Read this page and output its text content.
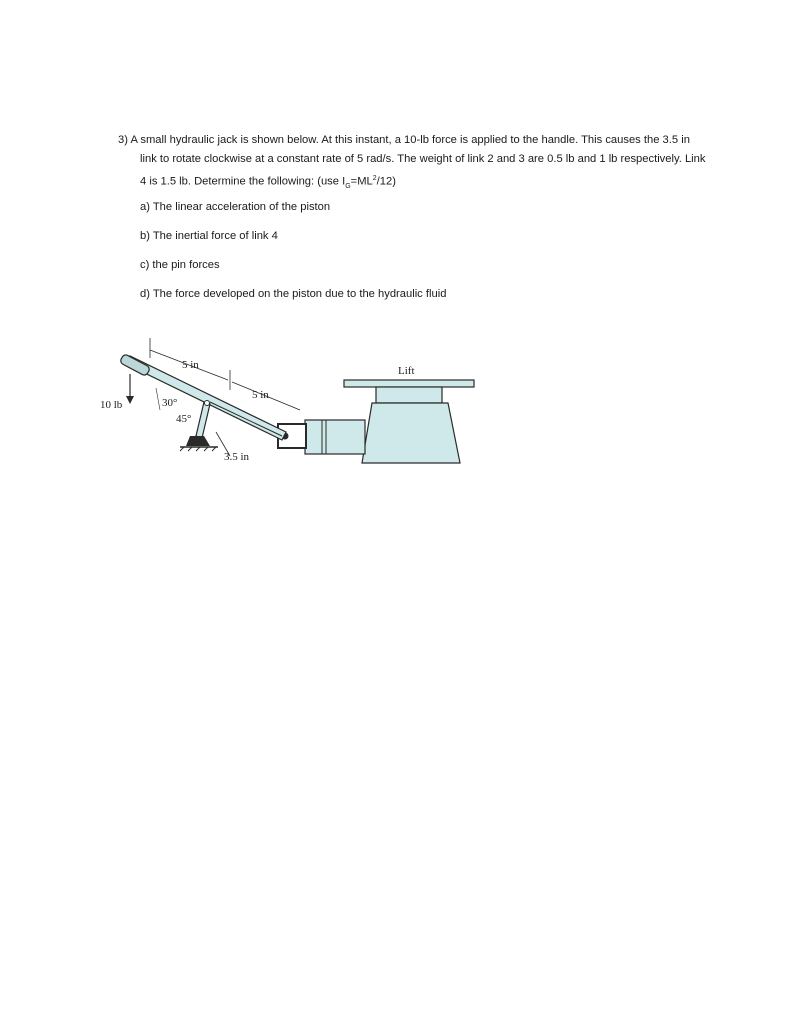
3) A small hydraulic jack is shown below. At this instant, a 10-lb force is applied to the handle. This causes the 3.5 in link to rotate clockwise at a constant rate of 5 rad/s. The weight of link 2 and 3 are 0.5 lb and 1 lb respectively. Link 4 is 1.5 lb. Determine the following: (use $I_G=ML^2/12$)

a) The linear acceleration of the piston
b) The inertial force of link 4
c) the pin forces
d) The force developed on the piston due to the hydraulic fluid
10 lb	30°
45°
5 in
5 in
3.5 in
Lift
